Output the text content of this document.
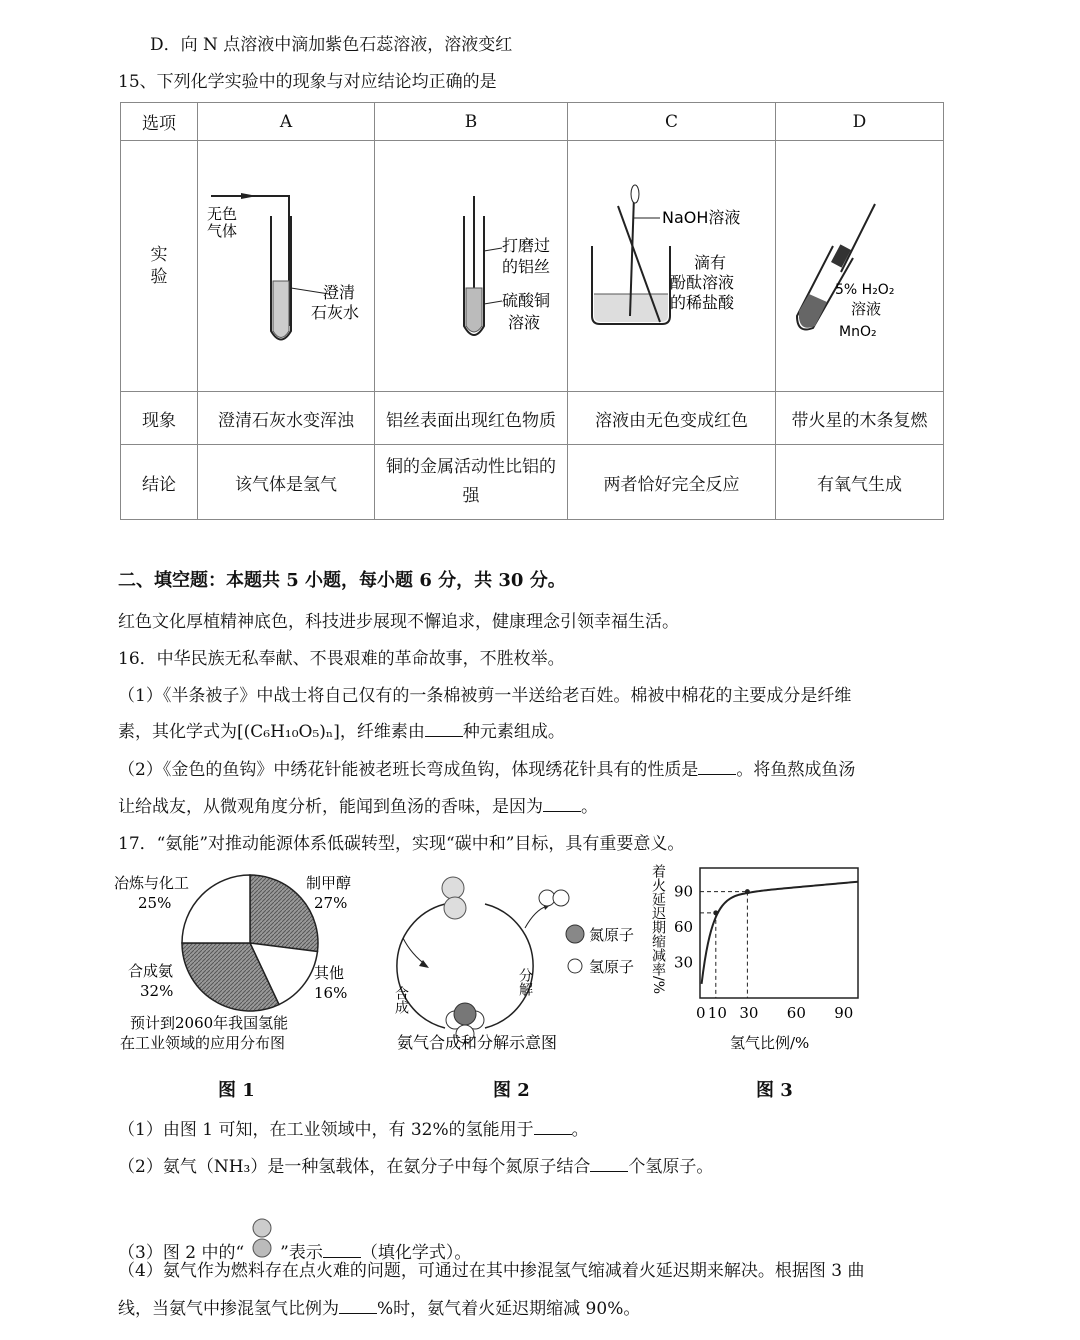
D．向 N 点溶液中滴加紫色石蕊溶液，溶液变红
15、下列化学实验中的现象与对应结论均正确的是
选项	A	B	C	D

实验	无色
气体
澄清
石灰水	打磨过
的铝丝
硫酸铜
溶液	NaOH溶液
滴有
酚酞溶液
的稀盐酸	5% H₂O₂
溶液
MnO₂

现象	澄清石灰水变浑浊	铝丝表面出现红色物质	溶液由无色变成红色	带火星的木条复燃
结论	该气体是氢气	铜的金属活动性比铝的强	两者恰好完全反应	有氧气生成
二、填空题：本题共 5 小题，每小题 6 分，共 30 分。
红色文化厚植精神底色，科技进步展现不懈追求，健康理念引领幸福生活。
16．中华民族无私奉献、不畏艰难的革命故事，不胜枚举。
（1）《半条被子》中战士将自己仅有的一条棉被剪一半送给老百姓。棉被中棉花的主要成分是纤维
素，其化学式为[(C₆H₁₀O₅)ₙ]，纤维素由 种元素组成。
（2）《金色的鱼钩》中绣花针能被老班长弯成鱼钩，体现绣花针具有的性质是 。将鱼熬成鱼汤
让给战友，从微观角度分析，能闻到鱼汤的香味，是因为 。
17．“氨能”对推动能源体系低碳转型，实现“碳中和”目标，具有重要意义。
冶炼与化工
25%
制甲醇
27%
其他
16%
合成氨
32%
预计到2060年我国氢能
在工业领域的应用分布图
图 1
合成
分解
氮原子
氢原子
氨气合成和分解示意图
图 2
着火延迟期缩减率/%
0 10 30 60 90
30
60
90
氢气比例/%
图 3
（1）由图 1 可知，在工业领域中，有 32%的氢能用于 。
（2）氨气（NH₃）是一种氢载体，在氨分子中每个氮原子结合 个氢原子。
（3）图 2 中的“ ”表示 （填化学式）。
（4）氨气作为燃料存在点火难的问题，可通过在其中掺混氢气缩减着火延迟期来解决。根据图 3 曲
线，当氨气中掺混氢气比例为 %时，氨气着火延迟期缩减 90%。
